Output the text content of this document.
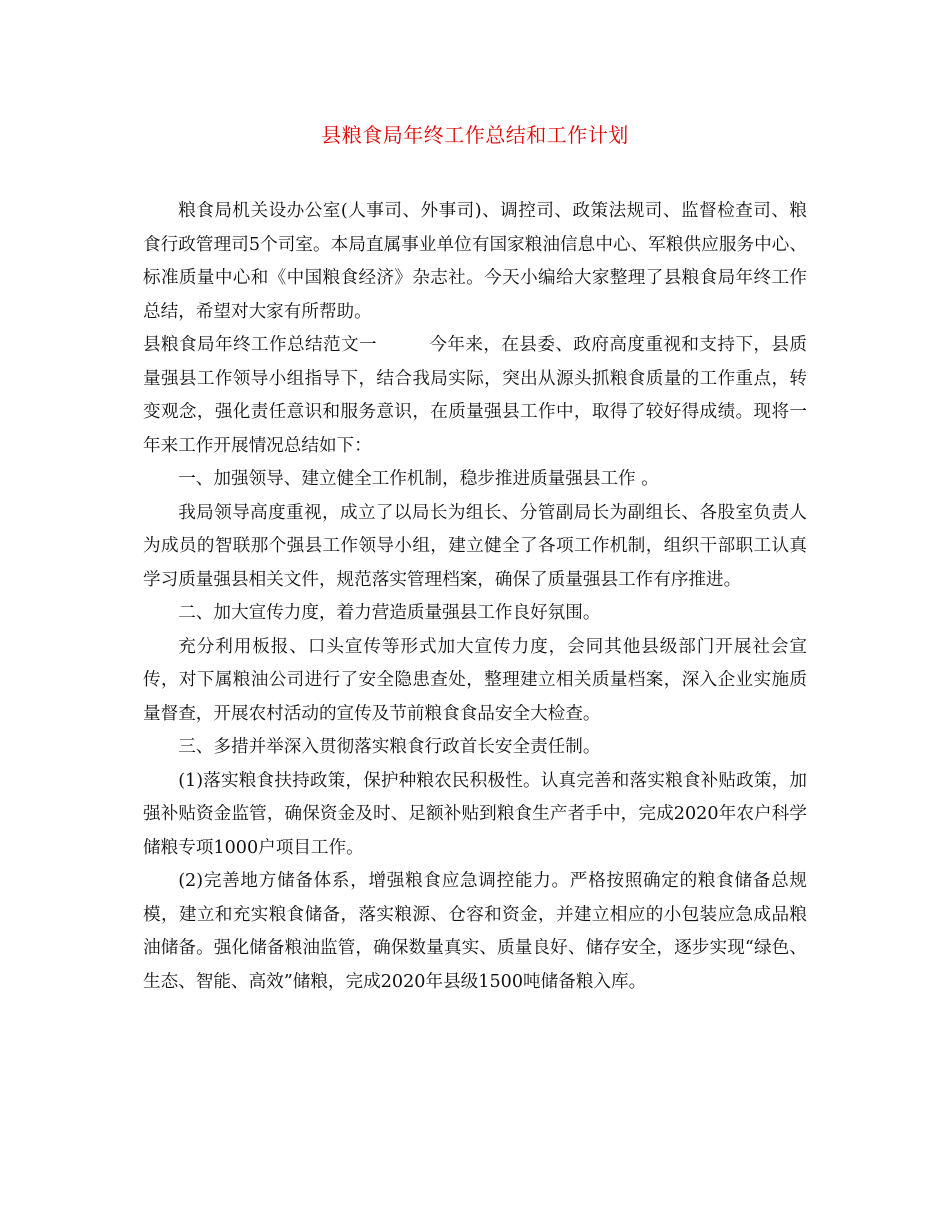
县粮食局年终工作总结和工作计划

粮食局机关设办公室(人事司、外事司)、调控司、政策法规司、监督检查司、粮食行政管理司5个司室。本局直属事业单位有国家粮油信息中心、军粮供应服务中心、标准质量中心和《中国粮食经济》杂志社。今天小编给大家整理了县粮食局年终工作总结，希望对大家有所帮助。

县粮食局年终工作总结范文一	今年来，在县委、政府高度重视和支持下，县质量强县工作领导小组指导下，结合我局实际，突出从源头抓粮食质量的工作重点，转变观念，强化责任意识和服务意识，在质量强县工作中，取得了较好得成绩。现将一年来工作开展情况总结如下：

一、加强领导、建立健全工作机制，稳步推进质量强县工作 。

我局领导高度重视，成立了以局长为组长、分管副局长为副组长、各股室负责人为成员的智联那个强县工作领导小组，建立健全了各项工作机制，组织干部职工认真学习质量强县相关文件，规范落实管理档案，确保了质量强县工作有序推进。

二、加大宣传力度，着力营造质量强县工作良好氛围。

充分利用板报、口头宣传等形式加大宣传力度，会同其他县级部门开展社会宣传，对下属粮油公司进行了安全隐患查处，整理建立相关质量档案，深入企业实施质量督查，开展农村活动的宣传及节前粮食食品安全大检查。

三、多措并举深入贯彻落实粮食行政首长安全责任制。

(1)落实粮食扶持政策，保护种粮农民积极性。认真完善和落实粮食补贴政策，加强补贴资金监管，确保资金及时、足额补贴到粮食生产者手中，完成2020年农户科学储粮专项1000户项目工作。

(2)完善地方储备体系，增强粮食应急调控能力。严格按照确定的粮食储备总规模，建立和充实粮食储备，落实粮源、仓容和资金，并建立相应的小包装应急成品粮油储备。强化储备粮油监管，确保数量真实、质量良好、储存安全，逐步实现“绿色、生态、智能、高效”储粮，完成2020年县级1500吨储备粮入库。
